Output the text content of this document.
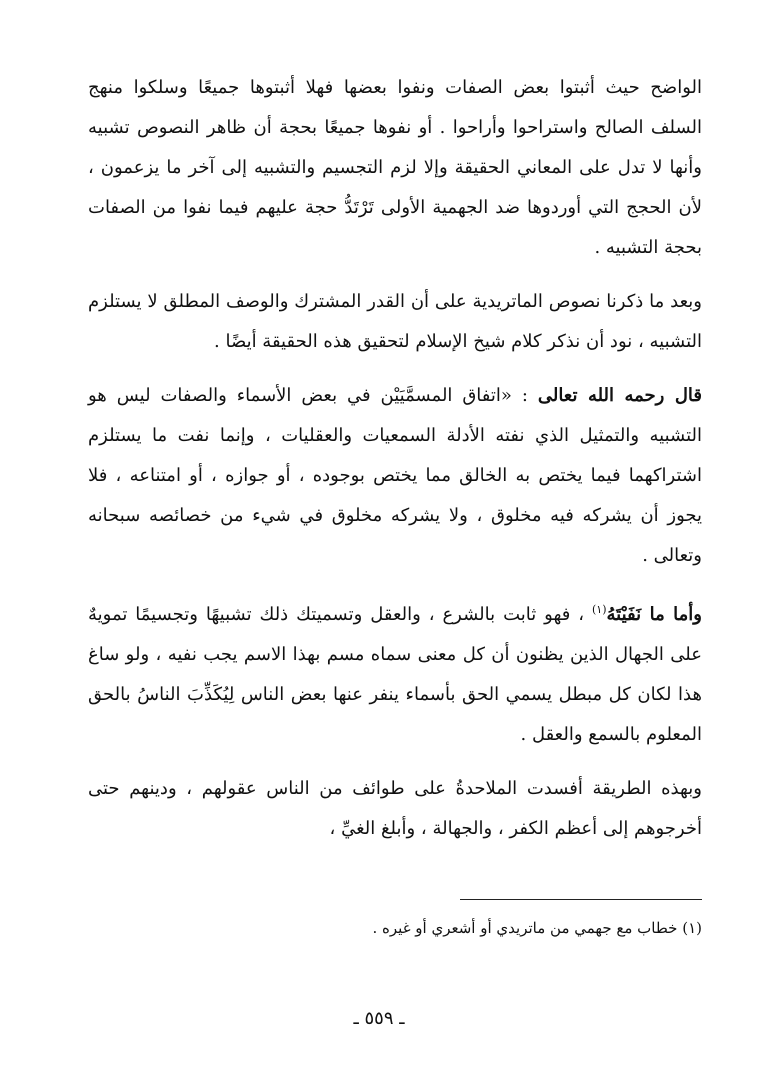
الواضح حيث أثبتوا بعض الصفات ونفوا بعضها فهلا أثبتوها جميعًا وسلكوا منهج السلف الصالح واستراحوا وأراحوا . أو نفوها جميعًا بحجة أن ظاهر النصوص تشبيه وأنها لا تدل على المعاني الحقيقة وإلا لزم التجسيم والتشبيه إلى آخر ما يزعمون ، لأن الحجج التي أوردوها ضد الجهمية الأولى تَرْتَدُّ حجة عليهم فيما نفوا من الصفات بحجة التشبيه .

وبعد ما ذكرنا نصوص الماتريدية على أن القدر المشترك والوصف المطلق لا يستلزم التشبيه ، نود أن نذكر كلام شيخ الإسلام لتحقيق هذه الحقيقة أيضًا .

قال رحمه الله تعالى : «اتفاق المسمَّيَيْن في بعض الأسماء والصفات ليس هو التشبيه والتمثيل الذي نفته الأدلة السمعيات والعقليات ، وإنما نفت ما يستلزم اشتراكهما فيما يختص به الخالق مما يختص بوجوده ، أو جوازه ، أو امتناعه ، فلا يجوز أن يشركه فيه مخلوق ، ولا يشركه مخلوق في شيء من خصائصه سبحانه وتعالى .

وأما ما نَفَيْتَهُ$^{(١)}$ ، فهو ثابت بالشرع ، والعقل وتسميتك ذلك تشبيهًا وتجسيمًا تمويهٌ على الجهال الذين يظنون أن كل معنى سماه مسم بهذا الاسم يجب نفيه ، ولو ساغ هذا لكان كل مبطل يسمي الحق بأسماء ينفر عنها بعض الناس لِيُكَذِّبَ الناسُ بالحق المعلوم بالسمع والعقل .

وبهذه الطريقة أفسدت الملاحدةُ على طوائف من الناس عقولهم ، ودينهم حتى أخرجوهم إلى أعظم الكفر ، والجهالة ، وأبلغ الغيِّ ،

(١) خطاب مع جهمي من ماتريدي أو أشعري أو غيره .
ـ ٥٥٩ ـ
